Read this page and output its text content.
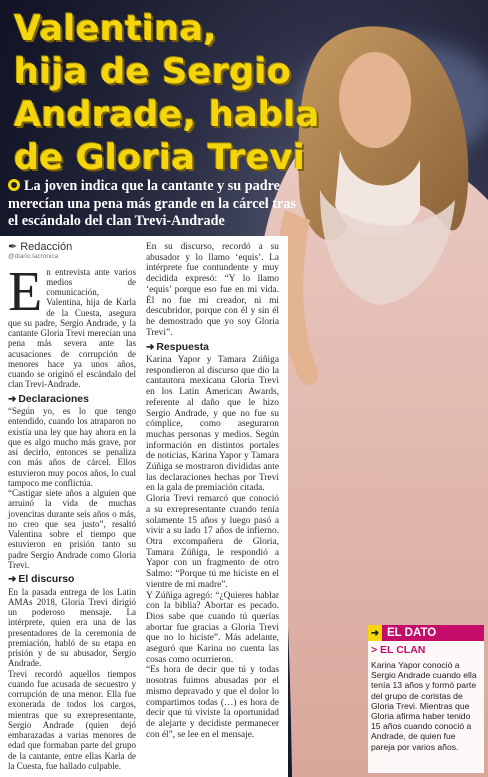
Valentina,
hija de Sergio
Andrade, habla
de Gloria Trevi
La joven indica que la cantante y su padre merecían una pena más grande en la cárcel tras el escándalo del clan Trevi-Andrade
✒ Redacción
@diario.lacronica

En entrevista ante varios medios de comunicación, Valentina, hija de Karla de la Cuesta, asegura que su padre, Sergio Andrade, y la cantante Gloria Trevi merecían una pena más severa ante las acusaciones de corrupción de menores hace ya unos años, cuando se originó el escándalo del clan Trevi-Andrade.

➜ Declaraciones

“Según yo, es lo que tengo entendido, cuando los atraparon no existía una ley que hay ahora en la que es algo mucho más grave, por así decirlo, entonces se penaliza con más años de cárcel. Ellos estuvieron muy pocos años, lo cual tampoco me conflictúa.

“Castigar siete años a alguien que arruinó la vida de muchas jovencitas durante seis años o más, no creo que sea justo”, resaltó Valentina sobre el tiempo que estuvieron en prisión tanto su padre Sergio Andrade como Gloria Trevi.

➜ El discurso

En la pasada entrega de los Latin AMAs 2018, Gloria Trevi dirigió un poderoso mensaje. La intérprete, quien era una de las presentadores de la ceremonia de premiación, habló de su etapa en prisión y de su abusador, Sergio Andrade.

Trevi recordó aquellos tiempos cuando fue acusada de secuestro y corrupción de una menor. Ella fue exonerada de todos los cargos, mientras que su exrepresentante, Sergio Andrade (quien dejó embarazadas a varias menores de edad que formaban parte del grupo de la cantante, entre ellas Karla de la Cuesta, fue hallado culpable.

En su discurso, recordó a su abusador y lo llamo ‘equis’. La intérprete fue contundente y muy decidida expresó: “Y lo llamo ‘equis’ porque eso fue en mi vida. Él no fue mi creador, ni mi descubridor, porque con él y sin él he demostrado que yo soy Gloria Trevi”.

➜ Respuesta

Karina Yapor y Tamara Zúñiga respondieron al discurso que dio la cantautora mexicana Gloria Trevi en los Latin American Awards, referente al daño que le hizo Sergio Andrade, y que no fue su cómplice, como aseguraron muchas personas y medios. Según información en distintos portales de noticias, Karina Yapor y Tamara Zúñiga se mostraron divididas ante las declaraciones hechas por Trevi en la gala de premiación citada.

Gloria Trevi remarcó que conoció a su exrepresentante cuando tenía solamente 15 años y luego pasó a vivir a su lado 17 años de infierno. Otra excompañera de Gloria, Tamara Zúñiga, le respondió a Yapor con un fragmento de otro Salmo: “Porque tú me hiciste en el vientre de mi madre”.

Y Zúñiga agregó: “¿Quieres hablar con la biblia? Abortar es pecado. Dios sabe que cuando tú querías abortar fue gracias a Gloria Trevi que no lo hiciste”. Más adelante, aseguró que Karina no cuenta las cosas como ocurrieron.

“Es hora de decir que tú y todas nosotras fuimos abusadas por el mismo depravado y que el dolor lo compartimos todas (…) es hora de decir que tú viviste la oportunidad de alejarte y decidiste permanecer con él”, se lee en el mensaje.

➜ EL DATO
> EL CLAN
Karina Yapor conoció a Sergio Andrade cuando ella tenía 13 años y formó parte del grupo de coristas de Gloria Trevi. Mientras que Gloria afirma haber tenido 15 años cuando conoció a Andrade, de quien fue pareja por varios años.
